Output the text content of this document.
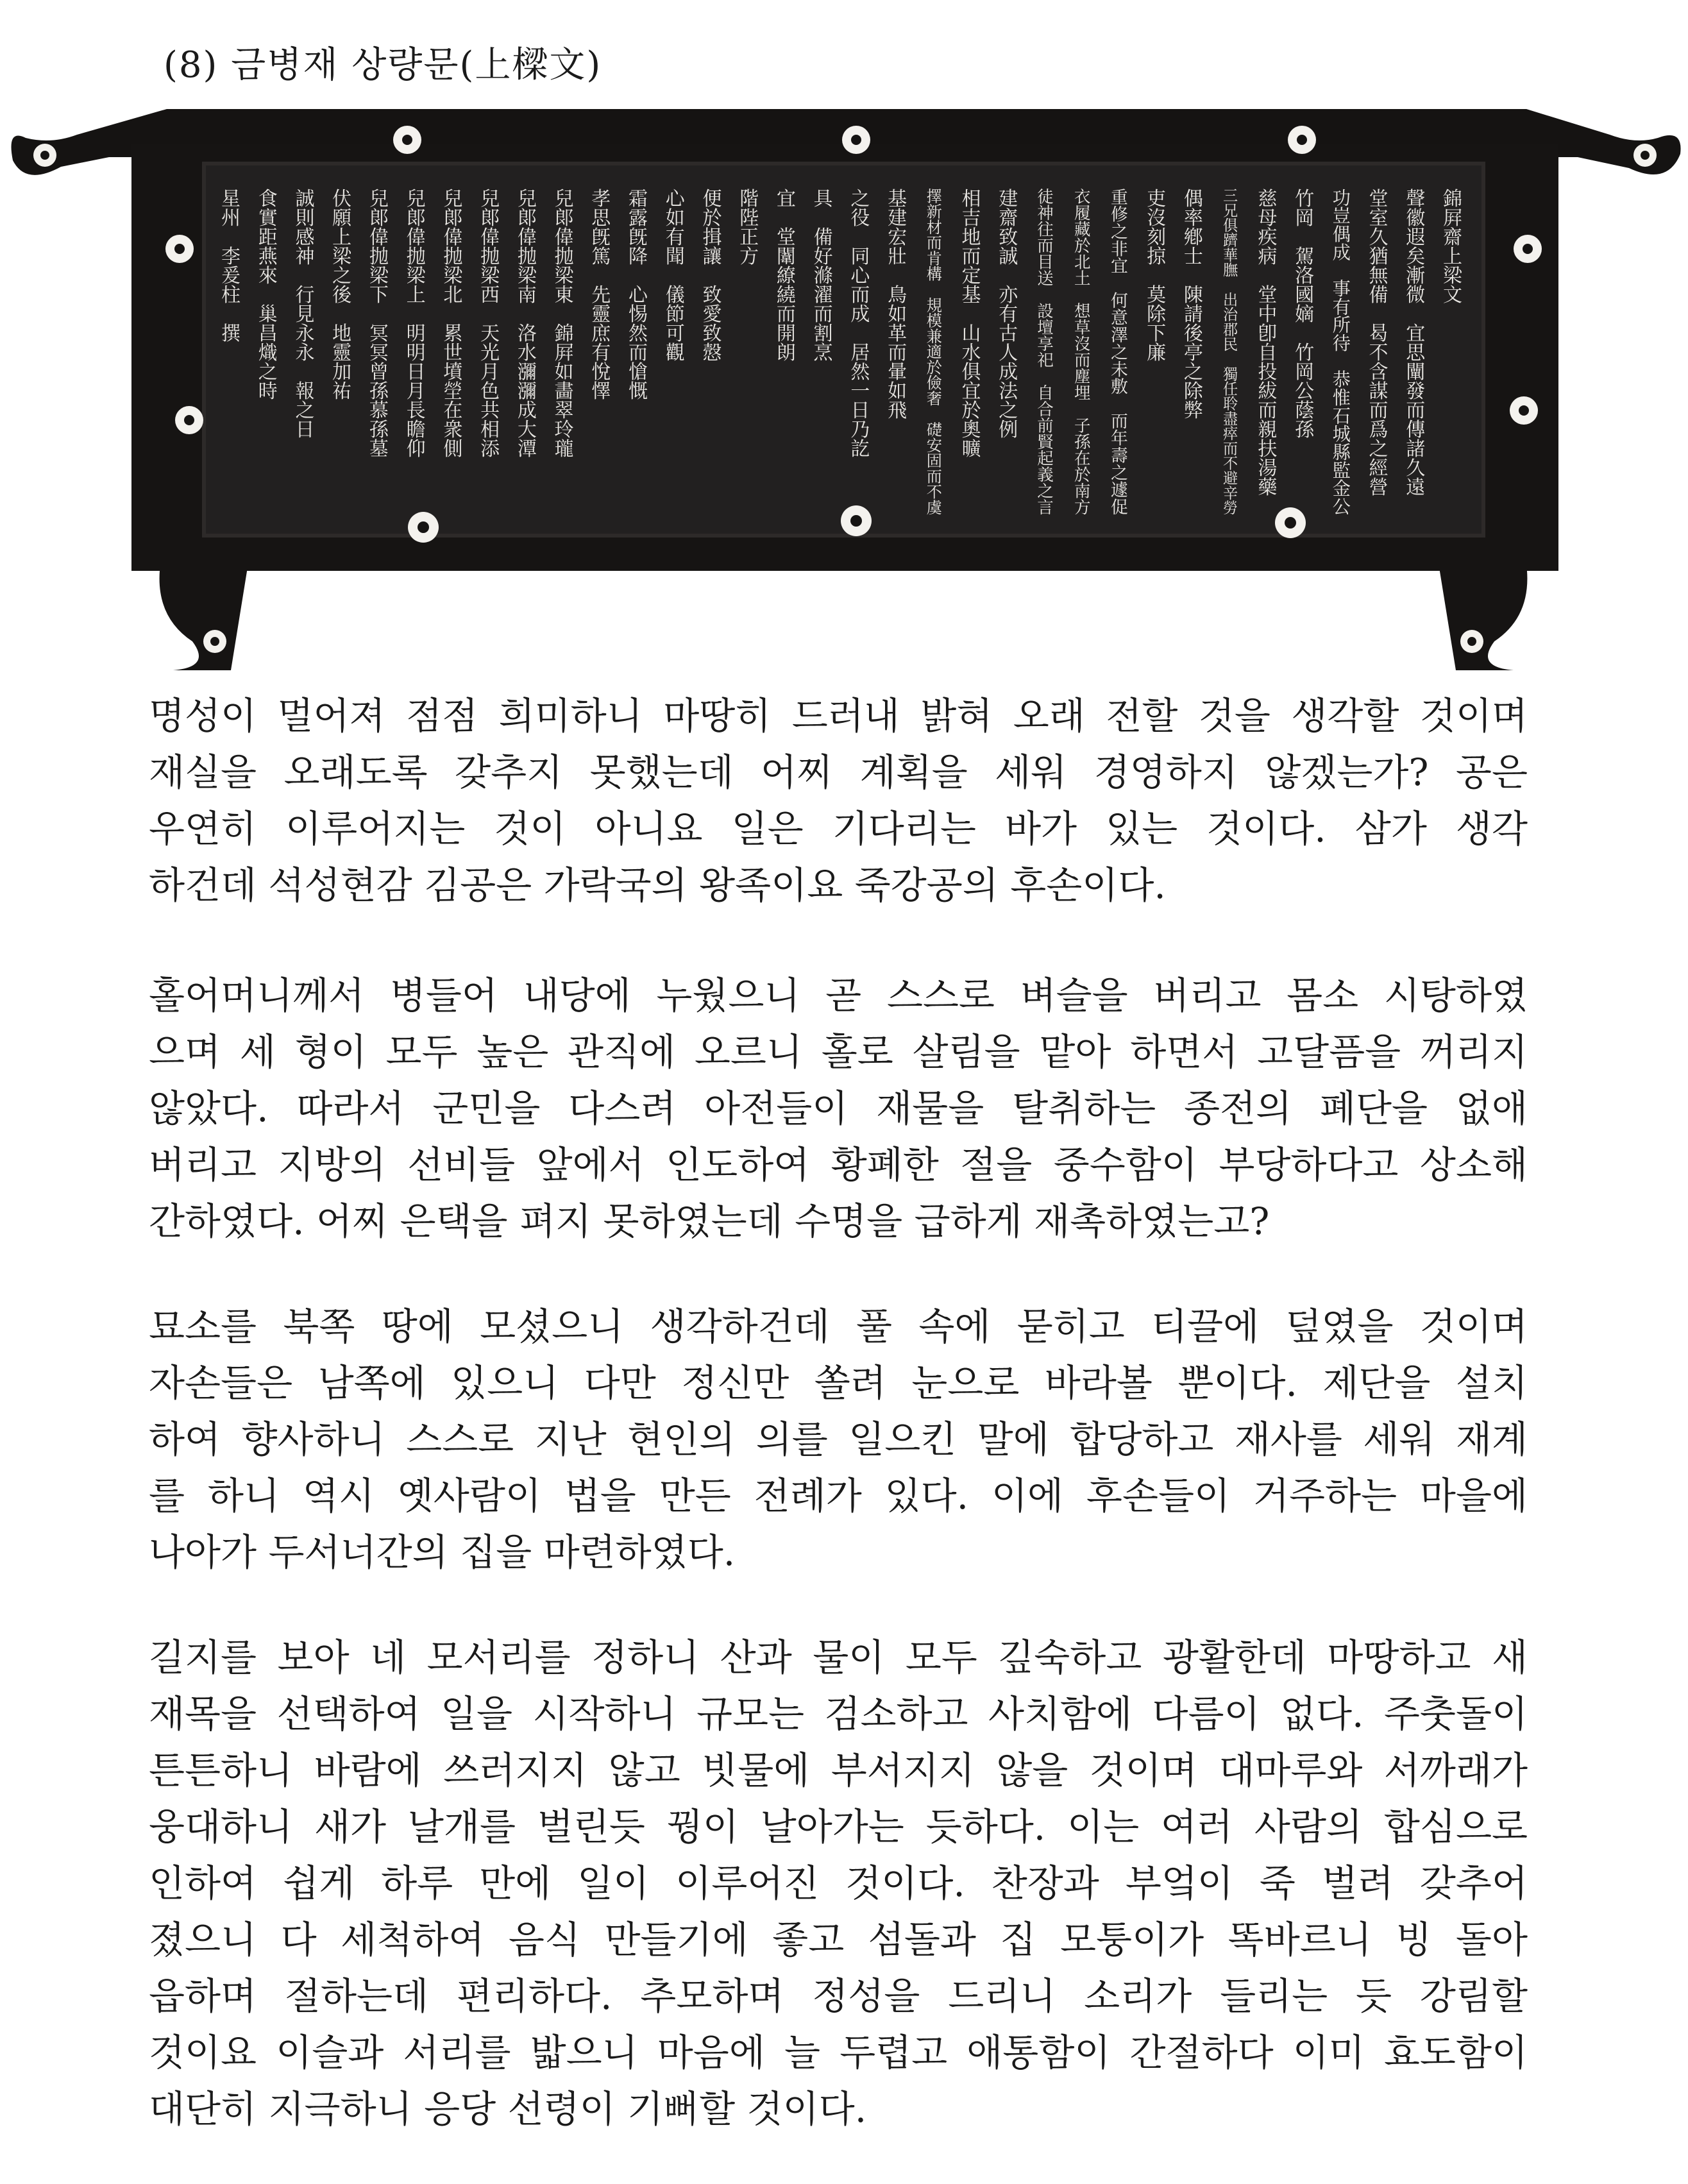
(8) 금병재 상량문(上樑文)
錦
屛
齋
上
梁
文
聲
徽
遐
矣
漸
微
宜
思
闡
發
而
傳
諸
久
遠
堂
室
久
猶
無
備
曷
不
含
謀
而
爲
之
經
營
功
豈
偶
成
事
有
所
待
恭
惟
石
城
縣
監
金
公
竹
岡
駕
洛
國
嫡
竹
岡
公
蔭
孫
慈
母
疾
病
堂
中
卽
自
投
紱
而
親
扶
湯
藥
三
兄
俱
躋
華
膴
出
治
郡
民
獨
任
聆
盡
瘁
而
不
避
辛
勞
偶
率
鄕
士
陳
請
後
亭
之
除
弊
吏
沒
刻
掠
莫
除
下
廉
重
修
之
非
宜
何
意
澤
之
未
敷
而
年
壽
之
遽
促
衣
履
藏
於
北
土
想
草
沒
而
塵
埋
子
孫
在
於
南
方
徒
神
往
而
目
送
設
壇
享
祀
自
合
前
賢
起
義
之
言
建
齋
致
誠
亦
有
古
人
成
法
之
例
相
吉
地
而
定
基
山
水
俱
宜
於
奧
曠
擇
新
材
而
肯
構
規
模
兼
適
於
儉
奢
礎
安
固
而
不
虞
基
建
宏
壯
鳥
如
革
而
暈
如
飛
之
役
同
心
而
成
居
然
一
日
乃
訖
具
備
好
滌
濯
而
割
烹
宜
堂
闈
繚
繞
而
開
朗
階
陛
正
方
便
於
揖
讓
致
愛
致
慤
心
如
有
聞
儀
節
可
觀
霜
露
旣
降
心
惕
然
而
愴
慨
孝
思
旣
篤
先
靈
庶
有
悅
懌
兒
郞
偉
抛
梁
東
錦
屛
如
畵
翠
玲
瓏
兒
郞
偉
抛
梁
南
洛
水
瀰
瀰
成
大
潭
兒
郞
偉
抛
梁
西
天
光
月
色
共
相
添
兒
郞
偉
抛
梁
北
累
世
墳
塋
在
衆
側
兒
郞
偉
抛
梁
上
明
明
日
月
長
瞻
仰
兒
郞
偉
抛
梁
下
冥
冥
曾
孫
慕
孫
墓
伏
願
上
梁
之
後
地
靈
加
祐
誠
則
感
神
行
見
永
永
報
之
日
食
實
距
燕
來
巢
昌
熾
之
時
星
州
李
爰
柱
撰
명성이 멀어져 점점 희미하니 마땅히 드러내 밝혀 오래 전할 것을 생각할 것이며
재실을 오래도록 갖추지 못했는데 어찌 계획을 세워 경영하지 않겠는가? 공은
우연히 이루어지는 것이 아니요 일은 기다리는 바가 있는 것이다. 삼가 생각
하건데 석성현감 김공은 가락국의 왕족이요 죽강공의 후손이다.
홀어머니께서 병들어 내당에 누웠으니 곧 스스로 벼슬을 버리고 몸소 시탕하였
으며 세 형이 모두 높은 관직에 오르니 홀로 살림을 맡아 하면서 고달픔을 꺼리지
않았다. 따라서 군민을 다스려 아전들이 재물을 탈취하는 종전의 폐단을 없애
버리고 지방의 선비들 앞에서 인도하여 황폐한 절을 중수함이 부당하다고 상소해
간하였다. 어찌 은택을 펴지 못하였는데 수명을 급하게 재촉하였는고?
묘소를 북쪽 땅에 모셨으니 생각하건데 풀 속에 묻히고 티끌에 덮였을 것이며
자손들은 남쪽에 있으니 다만 정신만 쏠려 눈으로 바라볼 뿐이다. 제단을 설치
하여 향사하니 스스로 지난 현인의 의를 일으킨 말에 합당하고 재사를 세워 재계
를 하니 역시 옛사람이 법을 만든 전례가 있다. 이에 후손들이 거주하는 마을에
나아가 두서너간의 집을 마련하였다.
길지를 보아 네 모서리를 정하니 산과 물이 모두 깊숙하고 광활한데 마땅하고 새
재목을 선택하여 일을 시작하니 규모는 검소하고 사치함에 다름이 없다. 주춧돌이
튼튼하니 바람에 쓰러지지 않고 빗물에 부서지지 않을 것이며 대마루와 서까래가
웅대하니 새가 날개를 벌린듯 꿩이 날아가는 듯하다. 이는 여러 사람의 합심으로
인하여 쉽게 하루 만에 일이 이루어진 것이다. 찬장과 부엌이 죽 벌려 갖추어
졌으니 다 세척하여 음식 만들기에 좋고 섬돌과 집 모퉁이가 똑바르니 빙 돌아
읍하며 절하는데 편리하다. 추모하며 정성을 드리니 소리가 들리는 듯 강림할
것이요 이슬과 서리를 밟으니 마음에 늘 두렵고 애통함이 간절하다 이미 효도함이
대단히 지극하니 응당 선령이 기뻐할 것이다.
